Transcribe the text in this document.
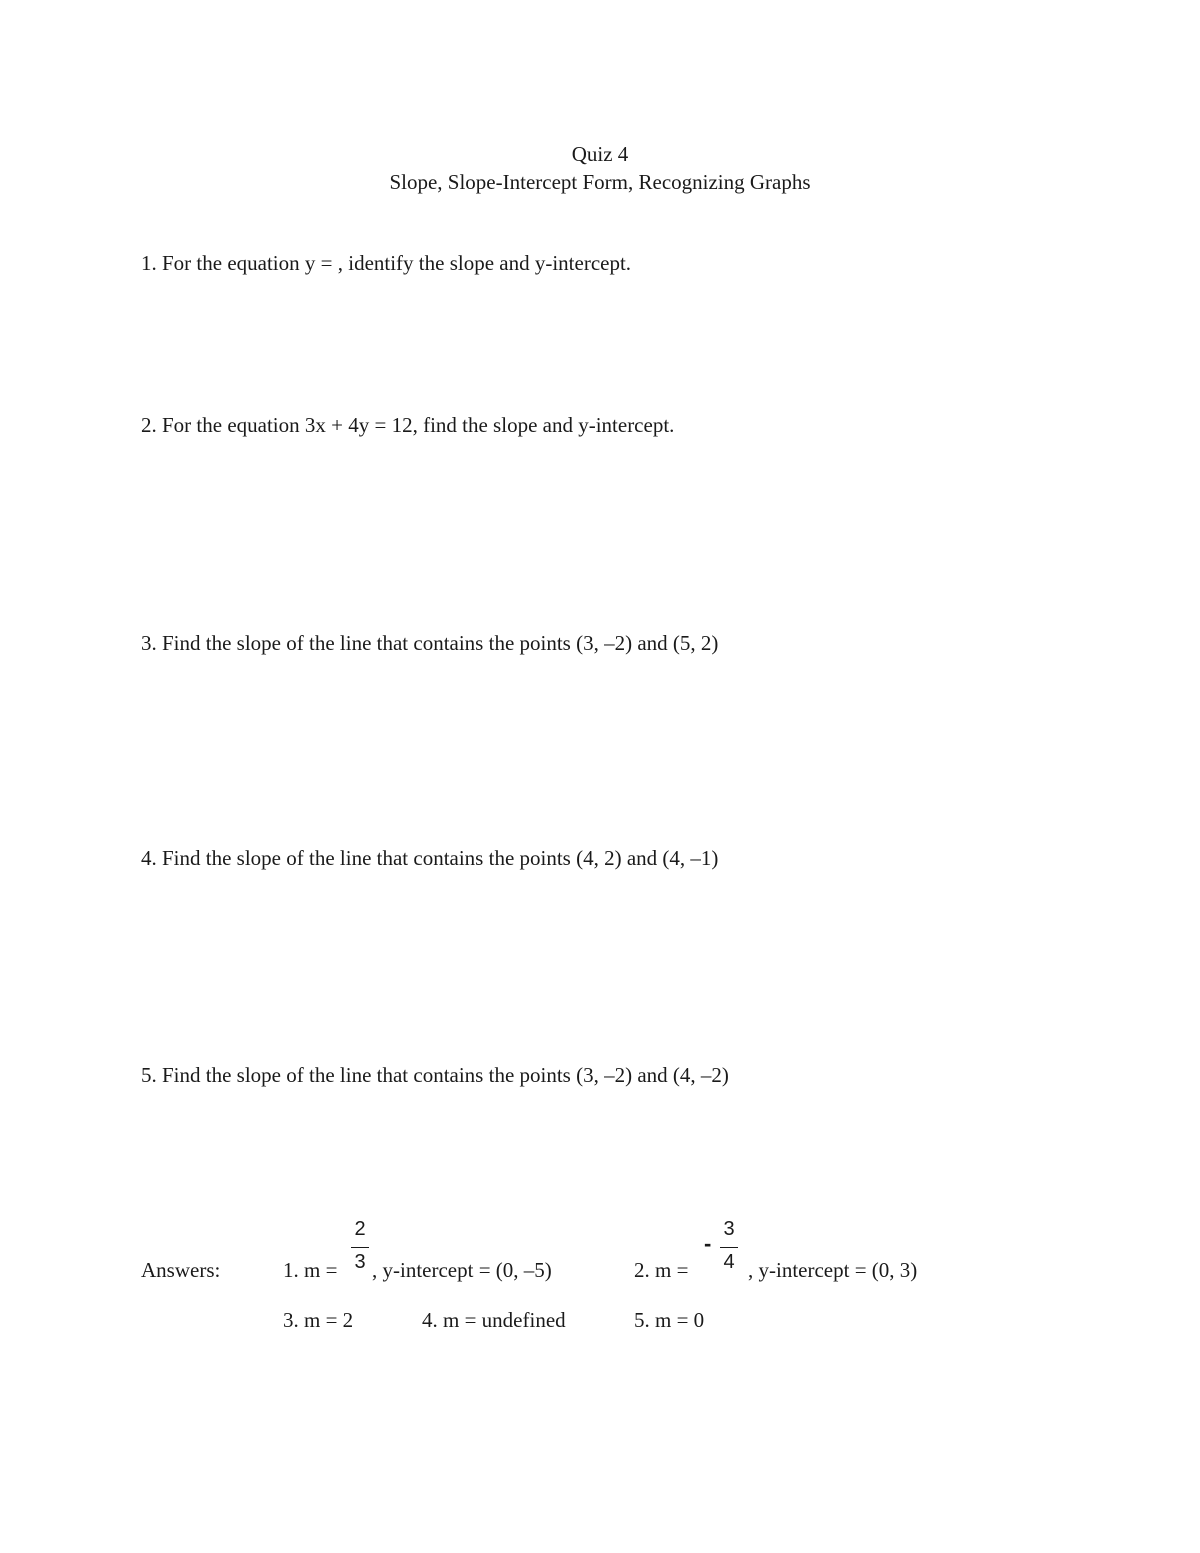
Quiz 4
Slope, Slope-Intercept Form, Recognizing Graphs
1. For the equation y = , identify the slope and y-intercept.
2. For the equation 3x + 4y = 12, find the slope and y-intercept.
3. Find the slope of the line that contains the points (3, –2) and (5, 2)
4. Find the slope of the line that contains the points (4, 2) and (4, –1)
5. Find the slope of the line that contains the points (3, –2) and (4, –2)
Answers:	1. m =
2
3 , y-intercept = (0, –5)	2. m =
-
3
4 , y-intercept = (0, 3)
3. m = 2	4. m = undefined	5. m = 0
